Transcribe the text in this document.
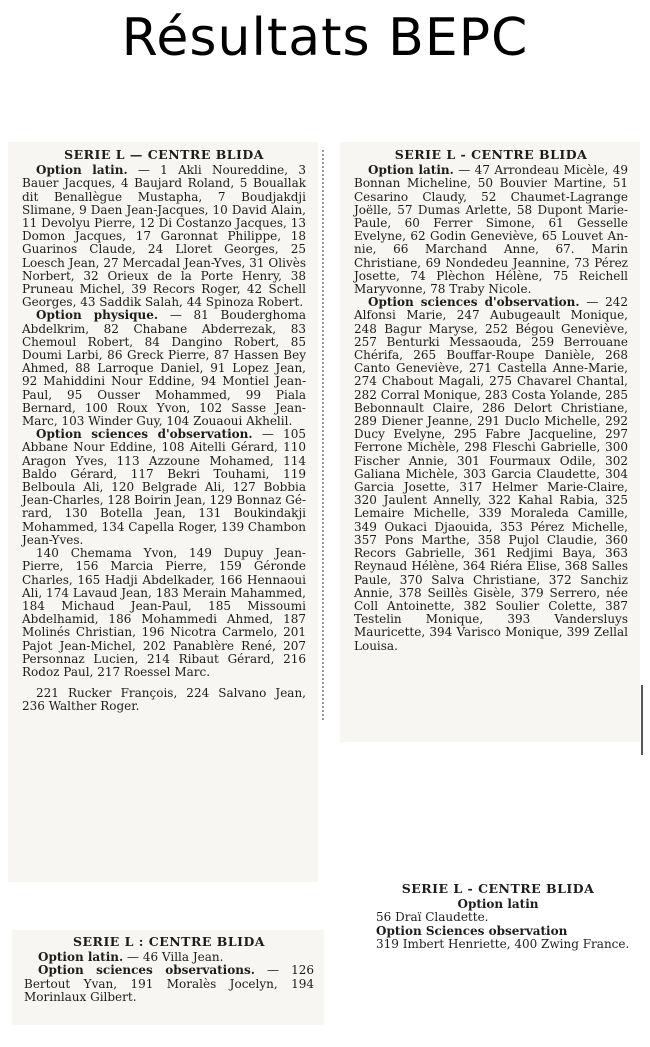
Résultats BEPC

SERIE L — CENTRE BLIDA

Option latin. — 1 Akli Noureddine, 3 Bauer Jacques, 4 Baujard Roland, 5 Bouallak dit Benallègue Mustapha, 7 Boudjakdji Slimane, 9 Daen Jean-Jacques, 10 David Alain, 11 Devolyu Pierre, 12 Di Costanzo Jacques, 13 Domon Jacques, 17 Garonnat Philippe, 18 Guarinos Claude, 24 Lloret Georges, 25 Loesch Jean, 27 Mercadal Jean-Yves, 31 Olivès Norbert, 32 Orieux de la Porte Henry, 38 Pruneau Michel, 39 Recors Roger, 42 Schell Georges, 43 Saddik Salah, 44 Spinoza Robert.

Option physique. — 81 Bouderghoma Abdelkrim, 82 Chabane Abderrezak, 83 Chemoul Robert, 84 Dangino Robert, 85 Doumi Larbi, 86 Greck Pierre, 87 Hassen Bey Ahmed, 88 Larroque Daniel, 91 Lopez Jean, 92 Mahiddini Nour Eddine, 94 Montiel Jean-Paul, 95 Ousser Mohammed, 99 Piala Bernard, 100 Roux Yvon, 102 Sasse Jean-Marc, 103 Winder Guy, 104 Zouaoui Akhelil.

Option sciences d'observation. — 105 Abbane Nour Eddine, 108 Aitelli Gérard, 110 Aragon Yves, 113 Azzoune Mohamed, 114 Baldo Gérard, 117 Bekri Touhami, 119 Belboula Ali, 120 Belgrade Ali, 127 Bobbia Jean-Charles, 128 Boirin Jean, 129 Bonnaz Gérard, 130 Botella Jean, 131 Boukindakji Mohammed, 134 Capella Roger, 139 Chambon Jean-Yves.

140 Chemama Yvon, 149 Dupuy Jean-Pierre, 156 Marcia Pierre, 159 Géronde Charles, 165 Hadji Abdelkader, 166 Hennaoui Ali, 174 Lavaud Jean, 183 Merain Mahammed, 184 Michaud Jean-Paul, 185 Missoumi Abdelhamid, 186 Mohammedi Ahmed, 187 Molinés Christian, 196 Nicotra Carmelo, 201 Pajot Jean-Michel, 202 Panablère René, 207 Personnaz Lucien, 214 Ribaut Gérard, 216 Rodoz Paul, 217 Roessel Marc.

221 Rucker François, 224 Salvano Jean, 236 Walther Roger.

SERIE L - CENTRE BLIDA

Option latin. — 47 Arrondeau Micèle, 49 Bonnan Micheline, 50 Bouvier Martine, 51 Cesarino Claudy, 52 Chaumet-Lagrange Joëlle, 57 Dumas Arlette, 58 Dupont Marie-Paule, 60 Ferrer Simone, 61 Gesselle Evelyne, 62 Godin Geneviève, 65 Louvet Annie, 66 Marchand Anne, 67. Marin Christiane, 69 Nondedeu Jeannine, 73 Pérez Josette, 74 Plèchon Hélène, 75 Reichell Maryvonne, 78 Traby Nicole.

Option sciences d'observation. — 242 Alfonsi Marie, 247 Aubugeault Monique, 248 Bagur Maryse, 252 Bégou Geneviève, 257 Benturki Messaouda, 259 Berrouane Chérifa, 265 Bouffar-Roupe Danièle, 268 Canto Geneviève, 271 Castella Anne-Marie, 274 Chabout Magali, 275 Chavarel Chantal, 282 Corral Monique, 283 Costa Yolande, 285 Bebonnault Claire, 286 Delort Christiane, 289 Diener Jeanne, 291 Duclo Michelle, 292 Ducy Evelyne, 295 Fabre Jacqueline, 297 Ferrone Michèle, 298 Fleschi Gabrielle, 300 Fischer Annie, 301 Fourmaux Odile, 302 Galiana Michèle, 303 Garcia Claudette, 304 Garcia Josette, 317 Helmer Marie-Claire, 320 Jaulent Annelly, 322 Kahal Rabia, 325 Lemaire Michelle, 339 Moraleda Camille, 349 Oukaci Djaouida, 353 Pérez Michelle, 357 Pons Marthe, 358 Pujol Claudie, 360 Recors Gabrielle, 361 Redjimi Baya, 363 Reynaud Hélène, 364 Riéra Elise, 368 Salles Paule, 370 Salva Christiane, 372 Sanchiz Annie, 378 Seillès Gisèle, 379 Serrero, née Coll Antoinette, 382 Soulier Colette, 387 Testelin Monique, 393 Vandersluys Mauricette, 394 Varisco Monique, 399 Zellal Louisa.

SERIE L - CENTRE BLIDA

Option latin

56 Draï Claudette.

Option Sciences observation

319 Imbert Henriette, 400 Zwing France.

SERIE L : CENTRE BLIDA

Option latin. — 46 Villa Jean.

Option sciences observations. — 126 Bertout Yvan, 191 Moralès Jocelyn, 194 Morinlaux Gilbert.
